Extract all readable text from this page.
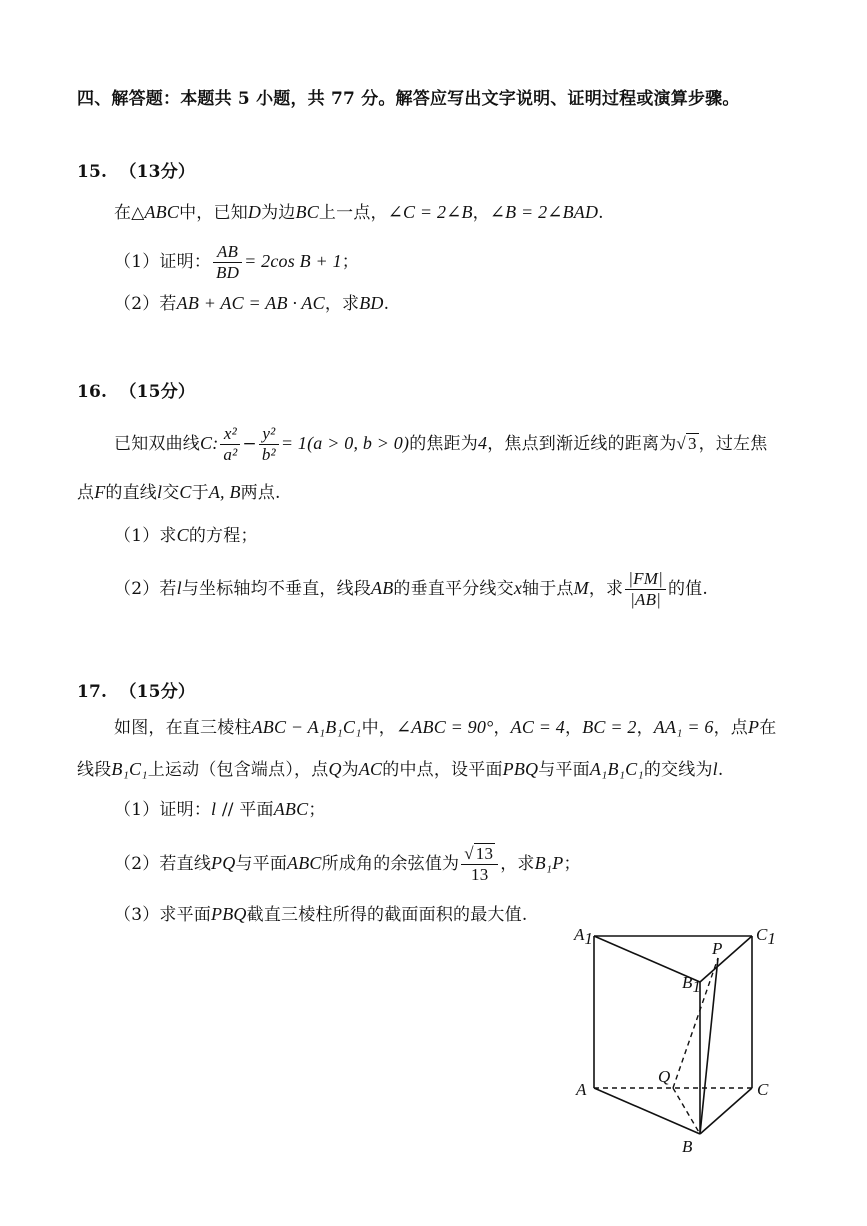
四、解答题：本题共 5 小题，共 77 分。解答应写出文字说明、证明过程或演算步骤。
15. （13分）
在△ABC中，已知D为边BC上一点，∠C = 2∠B，∠B = 2∠BAD.
（1）证明： $\frac{AB}{BD} = 2\cos$ B + 1；
（2）若AB + AC = AB · AC，求BD.
16. （15分）
已知双曲线C: $\frac{\text{x²}}{\text{a²}} - \frac{\text{y²}}{\text{b²}} = 1(a > 0$, b > 0)的焦距为4，焦点到渐近线的距离为√ 3 ，过左焦
点F的直线l交C于A, B两点.
（1）求C的方程；
（2）若l与坐标轴均不垂直，线段AB的垂直平分线交x轴于点M，求 $\frac{|FM|}{|AB|}$ 的值.
17. （15分）
如图，在直三棱柱ABC − A₁B₁C₁中，∠ABC = 90°，AC = 4，BC = 2，AA₁ = 6，点P在
线段B₁C₁上运动（包含端点），点Q为AC的中点，设平面PBQ与平面A₁B₁C₁的交线为l.
（1）证明：l // 平面ABC；
（2）若直线PQ与平面ABC所成角的余弦值为 $\frac{√ 13}{13}$ ，求B₁P；
（3）求平面PBQ截直三棱柱所得的截面面积的最大值.
A1	C1
B1
P
Q
A	C
B
